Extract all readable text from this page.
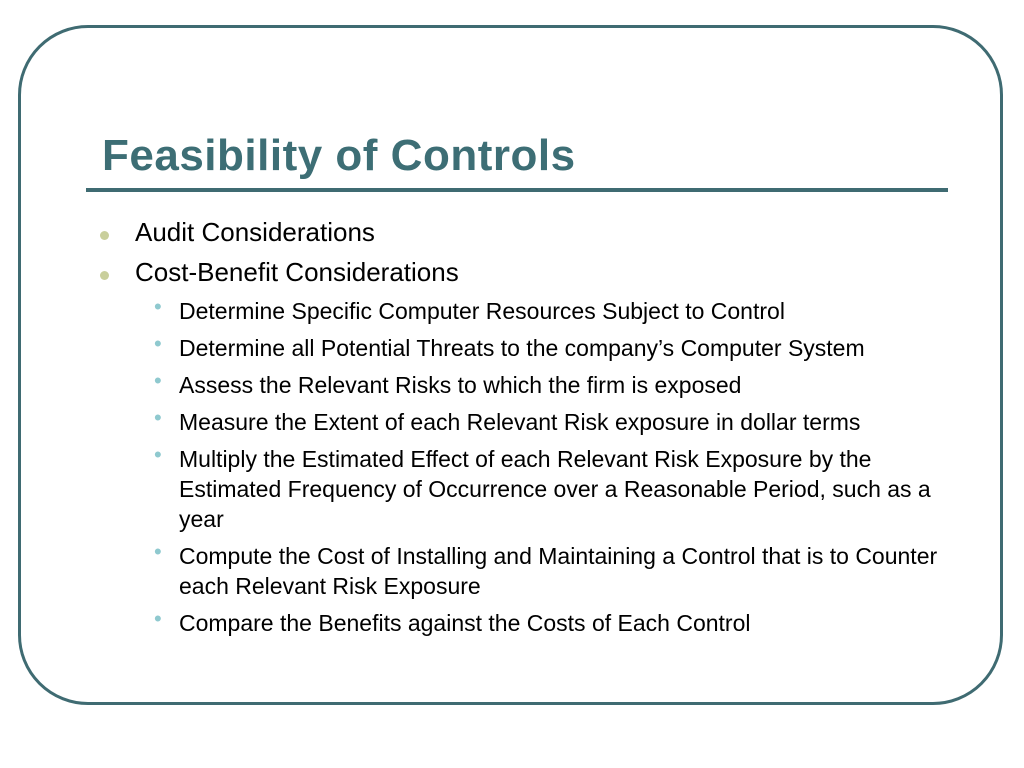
Feasibility of Controls
Audit Considerations
Cost-Benefit Considerations
• Determine Specific Computer Resources Subject to Control
• Determine all Potential Threats to the company’s Computer System
• Assess the Relevant Risks to which the firm is exposed
• Measure the Extent of each Relevant Risk exposure in dollar terms
• Multiply the Estimated Effect of each Relevant Risk Exposure by the Estimated Frequency of Occurrence over a Reasonable Period, such as a year
• Compute the Cost of Installing and Maintaining a Control that is to Counter each Relevant Risk Exposure
• Compare the Benefits against the Costs of Each Control
